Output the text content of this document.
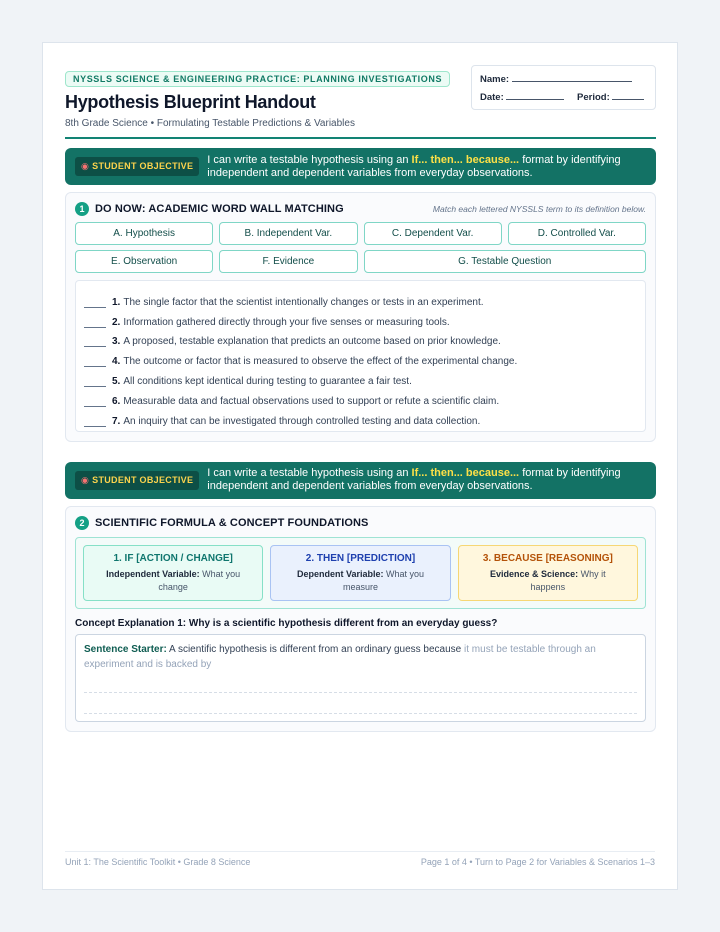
NYSSLS SCIENCE & ENGINEERING PRACTICE: PLANNING INVESTIGATIONS
Hypothesis Blueprint Handout
8th Grade Science • Formulating Testable Predictions & Variables
Name:
Date:	Period:
◉ STUDENT OBJECTIVE
I can write a testable hypothesis using an If... then... because... format by identifying independent and dependent variables from everyday observations.
1 DO NOW: ACADEMIC WORD WALL MATCHING	Match each lettered NYSSLS term to its definition below.
A. Hypothesis	B. Independent Var.	C. Dependent Var.	D. Controlled Var.
E. Observation	F. Evidence	G. Testable Question
1. The single factor that the scientist intentionally changes or tests in an experiment.
2. Information gathered directly through your five senses or measuring tools.
3. A proposed, testable explanation that predicts an outcome based on prior knowledge.
4. The outcome or factor that is measured to observe the effect of the experimental change.
5. All conditions kept identical during testing to guarantee a fair test.
6. Measurable data and factual observations used to support or refute a scientific claim.
7. An inquiry that can be investigated through controlled testing and data collection.
◉ STUDENT OBJECTIVE
I can write a testable hypothesis using an If... then... because... format by identifying independent and dependent variables from everyday observations.
2 SCIENTIFIC FORMULA & CONCEPT FOUNDATIONS
1. IF [ACTION / CHANGE]
Independent Variable: What you change
2. THEN [PREDICTION]
Dependent Variable: What you measure
3. BECAUSE [REASONING]
Evidence & Science: Why it happens
Concept Explanation 1: Why is a scientific hypothesis different from an everyday guess?
Sentence Starter: A scientific hypothesis is different from an ordinary guess because it must be testable through an experiment and is backed by
Unit 1: The Scientific Toolkit • Grade 8 Science	Page 1 of 4 • Turn to Page 2 for Variables & Scenarios 1–3
